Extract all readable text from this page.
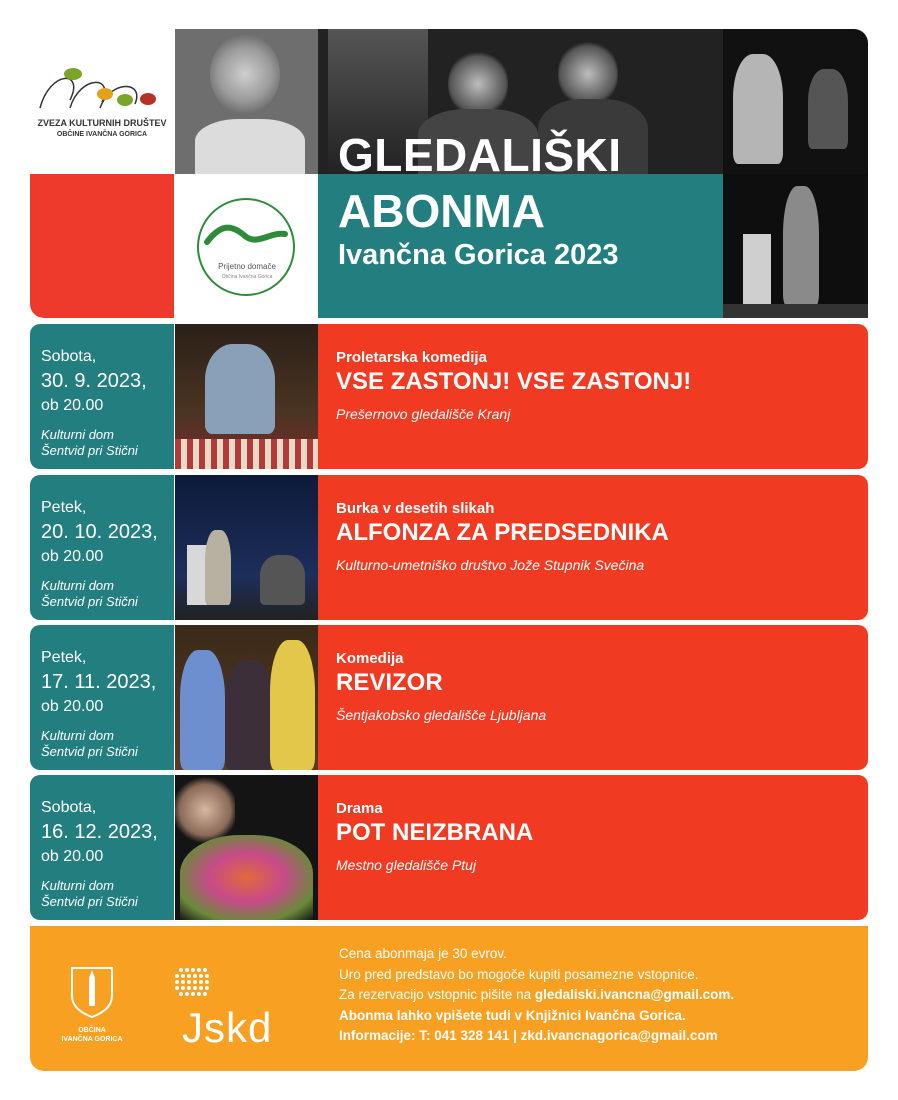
ZVEZA KULTURNIH DRUŠTEV
OBČINE IVANČNA GORICA
Prijetno domače
Občina Ivančna Gorica
GLEDALIŠKI
ABONMA
Ivančna Gorica 2023
Sobota,
30. 9. 2023,
ob 20.00
Kulturni dom
Šentvid pri Stični
Proletarska komedija
VSE ZASTONJ! VSE ZASTONJ!
Prešernovo gledališče Kranj
Petek,
20. 10. 2023,
ob 20.00
Kulturni dom
Šentvid pri Stični
Burka v desetih slikah
ALFONZA ZA PREDSEDNIKA
Kulturno-umetniško društvo Jože Stupnik Svečina
Petek,
17. 11. 2023,
ob 20.00
Kulturni dom
Šentvid pri Stični
Komedija
REVIZOR
Šentjakobsko gledališče Ljubljana
Sobota,
16. 12. 2023,
ob 20.00
Kulturni dom
Šentvid pri Stični
Drama
POT NEIZBRANA
Mestno gledališče Ptuj
OBČINA
IVANČNA GORICA Jskd
Cena abonmaja je 30 evrov.
Uro pred predstavo bo mogoče kupiti posamezne vstopnice.
Za rezervacijo vstopnic pišite na gledaliski.ivancna@gmail.com.
Abonma lahko vpišete tudi v Knjižnici Ivančna Gorica.
Informacije: T: 041 328 141 | zkd.ivancnagorica@gmail.com
